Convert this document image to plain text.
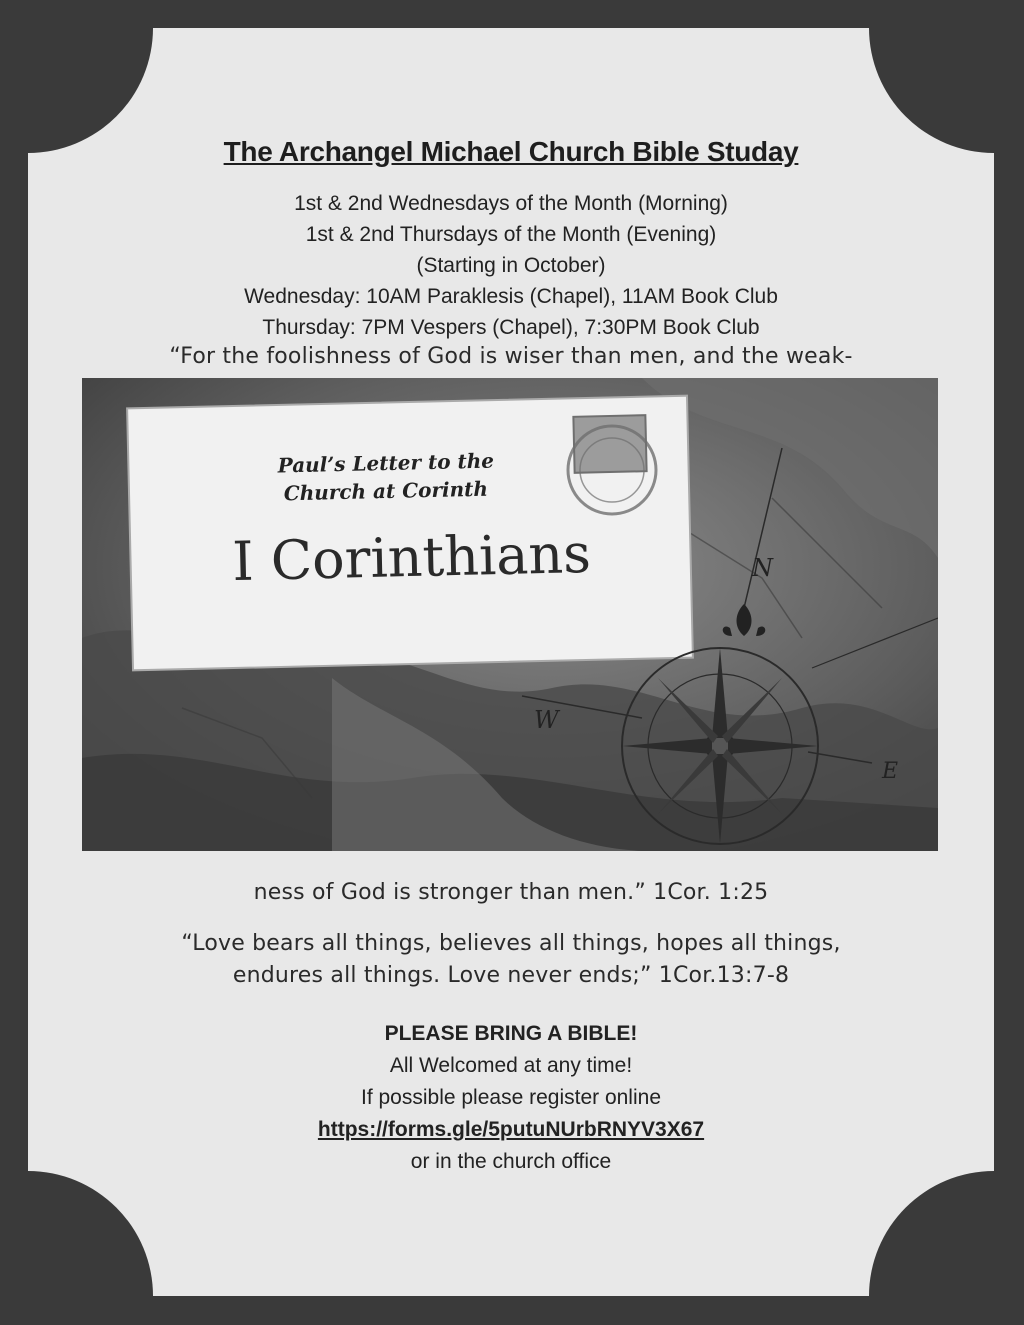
The Archangel Michael Church Bible Studay
1st & 2nd Wednesdays of the Month (Morning)
1st & 2nd Thursdays of the Month (Evening)
(Starting in October)
Wednesday: 10AM Paraklesis (Chapel), 11AM Book Club
Thursday: 7PM Vespers (Chapel), 7:30PM Book Club
“For the foolishness of God is wiser than men, and the weak-
Paul’s Letter to the
Church at Corinth
I Corinthians	N
W
E
ness of God is stronger than men.” 1Cor. 1:25
“Love bears all things, believes all things, hopes all things,
endures all things. Love never ends;” 1Cor.13:7-8
PLEASE BRING A BIBLE!
All Welcomed at any time!
If possible please register online
https://forms.gle/5putuNUrbRNYV3X67
or in the church office
